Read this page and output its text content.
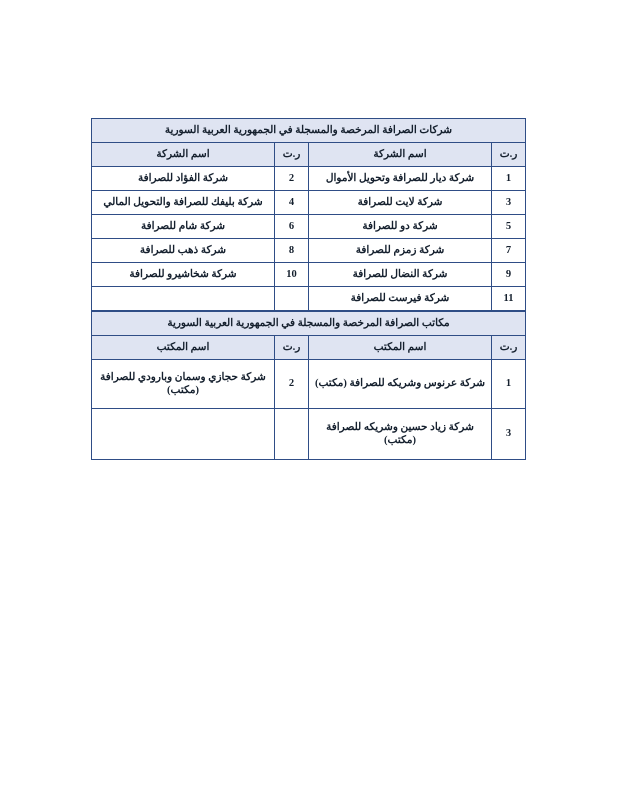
شركات الصرافة المرخصة والمسجلة في الجمهورية العربية السورية			
ر.ت	اسم الشركة	ر.ت	اسم الشركة
1	شركة ديار للصرافة وتحويل الأموال	2	شركة الفؤاد للصرافة
3	شركة لايت للصرافة	4	شركة بليفك للصرافة والتحويل المالي
5	شركة دو للصرافة	6	شركة شام للصرافة
7	شركة زمزم للصرافة	8	شركة ذهب للصرافة
9	شركة النضال للصرافة	10	شركة شخاشيرو للصرافة
11	شركة فيرست للصرافة		
مكاتب الصرافة المرخصة والمسجلة في الجمهورية العربية السورية			
ر.ت	اسم المكتب	ر.ت	اسم المكتب
1	شركة عرنوس وشريكه للصرافة (مكتب)	2	شركة حجازي وسمان وبارودي للصرافة (مكتب)
3	شركة زياد حسين وشريكه للصرافة (مكتب)		
